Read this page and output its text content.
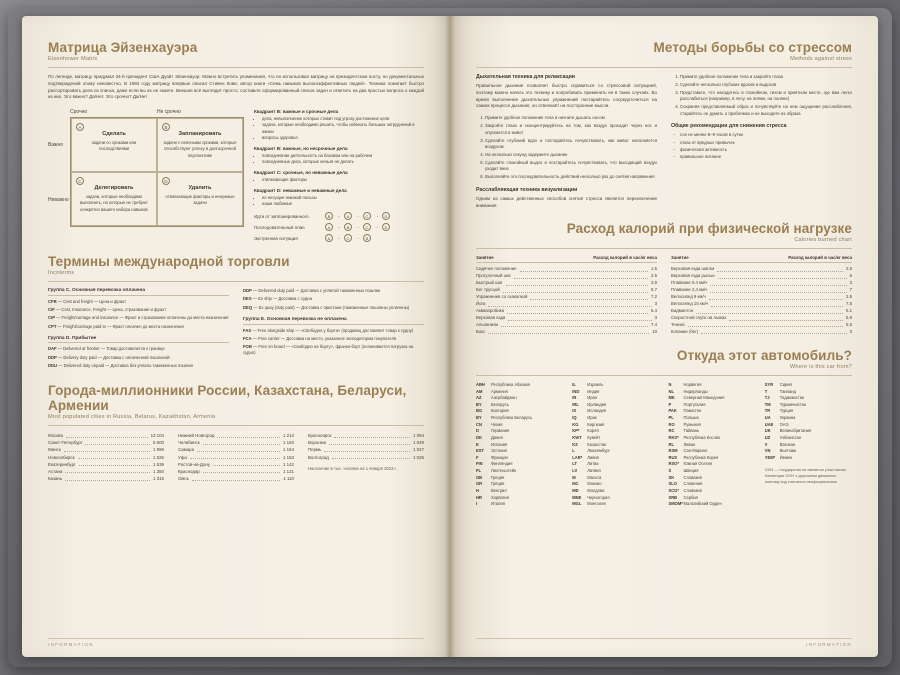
Матрица Эйзенхауэра
Eisenhower Matrix
По легенде, матрицу придумал 34-й президент США Дуайт Эйзенхауэр. Можно встретить упоминания, что он использовал матрицу на президентском посту, но документальных подтверждений этому неизвестно. В 1984 году матрицу впервые описал Стивен Кови, автор книги «Семь навыков высокоэффективных людей». Техника помогает быстро рассортировать дела из списка, даже если вы их не знаете. Внешне всё выглядит просто: составьте сформированный список задач и ответить на два простых вопроса о каждой из них. Это важно? Да/Нет. Это срочно? Да/Нет
Срочно	Не срочно
Важно
Неважно
A
Сделать
задачи со сроками или последствиями
B
Запланировать
задачи с неясными сроками, которые способствуют успеху в долгосрочной перспективе
C
Делегировать
задачи, которые необходимо выполнить, но которые не требуют конкретно вашего набора навыков
D
Удалить
отвлекающие факторы и ненужные задачи
Квадрант В: важные и срочные дела
• дела, невыполнение которых ставит под угрозу достижение цели
• задачи, которые необходимо решить, чтобы избежать больших затруднений в жизни
• вопросы здоровья
Квадрант В: важные, но несрочные дела
• повседневная деятельность на базовом или на рабочем
• повседневные дела, которые нельзя не делать
Квадрант С: срочные, но неважные дела
• отвлекающие факторы
Квадрант D: неважные и неважные дела
• не несущие никакой пользы
• наши любимые
Идти от запланированного	B	→	A	→	C	→	D
Последовательный план	A	→	B	→	C	→	D
Экстренная ситуация	A	→	C	→	B
Термины международной торговли
Incoterms
Группа С. Основная перевозка оплачена
CFR — Cost and freight — Цена и фрахт
CIF — Cost, Insurance, Freight — Цена, страхование и фрахт
CIP — Freight/carriage and insurance — Фрахт и страхование оплачены до места назначения
CPT — Freight/carriage paid to — Фрахт оплачен до места назначения
Группа D. Прибытие
DAF — Delivered at frontier — Товар доставляется к границе
DDP — Delivery duty paid — Доставка с оплаченной пошлиной
DDU — Delivered duty unpaid — Доставка без уплаты таможенных пошлин
DDP — Delivered duty paid — Доставка с уплатой таможенных пошлин
DES — Ex ship — Доставка с судна
DEQ — Ex quay (duty paid) — Доставка с пристани (таможенные пошлины уплачены)
Группа Е. Основная перевозка не оплачена
FAS — Free alongside ship — «Свободно у борта» (продавец доставляет товар к судну)
FCA — Free carrier — Доставка на место, указанное экспедитором покупателя
FOB — Free on board — «Свободно на борту», франко-борт (оплачивается погрузка на судно)
Города-миллионники России, Казахстана, Беларуси, Армении
Most populated cities in Russia, Belarus, Kazakhstan, Armenia
Москва	13 104
Санкт-Петербург	5 600
Минск	1 996
Новосибирск	1 625
Екатеринбург	1 539
Астана	1 350
Казань	1 315
Нижний Новгород	1 213
Челябинск	1 183
Самара	1 164
Уфа	1 153
Ростов-на-Дону	1 142
Краснодар	1 121
Омск	1 110
Красноярск	1 094
Воронеж	1 049
Пермь	1 027
Волгоград	1 025
Население в тыс. человек на 1 января 2023 г.
INFORMATION
Методы борьбы со стрессом
Methods against stress
Дыхательная техника для релаксации
Правильное дыхание позволяет быстро справиться со стрессовой ситуацией, поэтому можно начать это технику и попробовать применить ее в таких случаях. Во время выполнения дыхательных упражнений постарайтесь сосредоточиться на самом процессе дыхания, он отвлекаёт на посторонние мысли.
1. Примите удобное положение тела и начните дышать носом
2. Закройте глаза и сконцентрируйтесь на том, как воздух проходит через нос и опускается в живот
3. Сделайте глубокий вдох и постарайтесь почувствовать, как живот наполняется воздухом
4. На несколько секунд задержите дыхание
5. Сделайте спокойный выдох и постарайтесь почувствовать, что выходящий воздух уходит вниз
6. Выполняйте это последовательность действий несколько раз до снятия напряжения
Расслабляющая техника визуализации
Одним из самых действенных способов снятия стресса является переключение внимания
1. Примите удобное положение тела и закройте глаза
2. Сделайте несколько глубоких вдохов и выдохов
3. Представьте, что находитесь в спокойном, тихом и приятном месте, где вам легко расслабиться (например, в лесу, на пляже, на поляне)
4. Сохраняя представляемый образ и почувствуйте на нем ощущение расслабления, старайтесь не думать о проблемах и не выходите из образа
Общие рекомендации для снижения стресса
– сон не менее 8–9 часов в сутки
– отказ от вредных привычек
– физическая активность
– правильное питание
Расход калорий при физической нагрузке
Calories burned chart
Занятие	Расход калорий в час/кг веса
Сидячее положение	1.5
Прогулочный шаг	2.5
Быстрый шаг	3.9
Бег трусцой	5.7
Упражнения со скакалкой	7.2
Йога	3
Аквааэробика	6.4
Верховая езда	3
Альпинизм	7.4
Бокс	10
Занятие	Расход калорий в час/кг веса
Верховая езда шагом	2.5
Верховая езда рысью	6
Плавание 0.4 км/ч	3
Плавание 2,4 км/ч	7
Велосипед 9 км/ч	2.5
Велосипед 15 км/ч	7.5
Бадминтон	5.1
Скоростной спуск на лыжах	5.9
Теннис	5.5
Копание (бег)	3
Откуда этот автомобиль?
Where is this car from?
ABH	Республика Абхазия
AM	Армения
AZ	Азербайджан
BY	Беларусь
BG	Болгария
BY	Республика Беларусь
CN	Чехия
D	Германия
DK	Дания
E	Испания
EST	Эстония
F	Франция
FIN	Финляндия
FL	Лихтенштейн
GB	Греция
GR	Греция
H	Венгрия
HR	Хорватия
I	Италия
IL	Израиль
IND	Индия
IR	Иран
IRL	Ирландия
IS	Исландия
IQ	Ирак
KG	Киргизия
KP*	Корея
KWT	Кувейт
KZ	Казахстан
L	Люксембург
LAR*	Ливия
LT	Литва
LV	Латвия
M	Мальта
MC	Монако
MD	Молдова
MNE	Черногория
MGL	Монголия
N	Норвегия
NL	Нидерланды
MK	Северная Македония
P	Португалия
PAK	Пакистан
PL	Польша
RO	Румыния
RC	Тайвань
RKS*	Республика Косово
RL	Ливан
RSM	Сан-Марино
RUS	Республика Корея
RSO*	Южная Осетия
S	Швеция
SK	Словакия
SLO	Словения
SCG*	Словакия
SRB	Сербия
SMOM* Мальтийский Орден
SYR	Сирия
T	Таиланд
TJ	Таджикистан
TM	Туркменистан
TR	Турция
UA	Украина
UAE	ОАЭ
UK	Великобритания
UZ	Узбекистан
V	Ватикан
VN	Вьетнам
YEM*	Йемен
CDN — государство не является участником Конвенции ООН о дорожном движении, поэтому код считается неофициальным
INFORMATION
